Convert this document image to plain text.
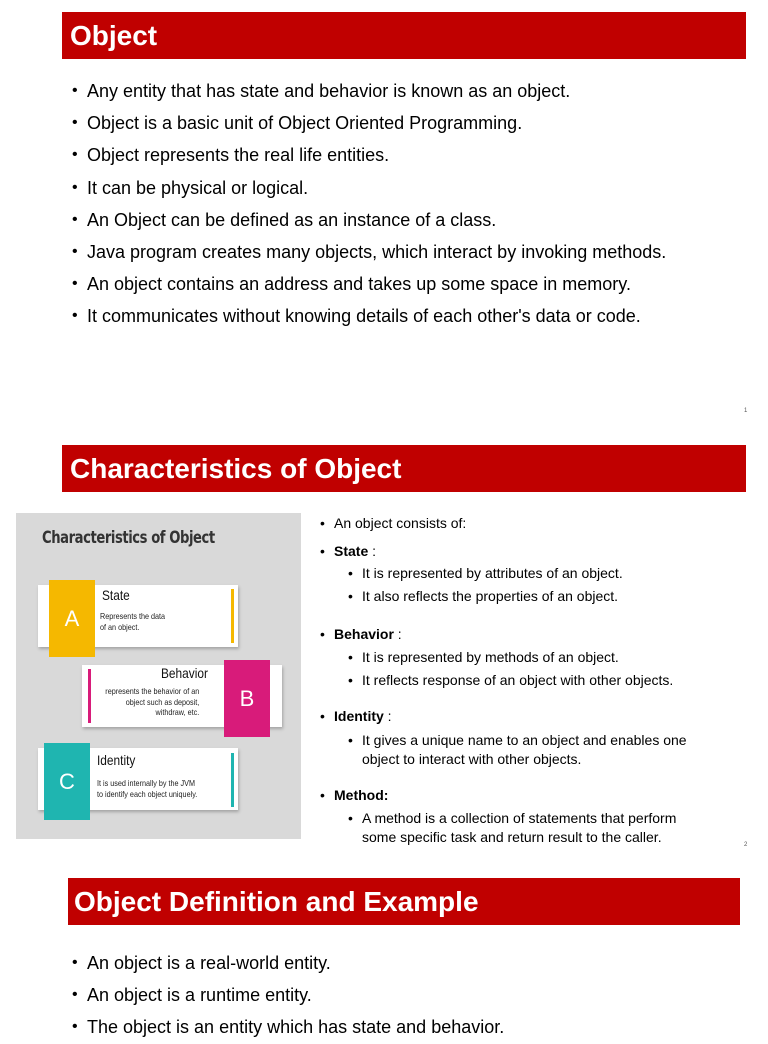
Object
• Any entity that has state and behavior is known as an object.
• Object is a basic unit of Object Oriented Programming.
• Object represents the real life entities.
• It can be physical or logical.
• An Object can be defined as an instance of a class.
• Java program creates many objects, which interact by invoking methods.
• An object contains an address and takes up some space in memory.
• It communicates without knowing details of each other's data or code.
1
Characteristics of Object
Characteristics of Object
A
State
Represents the data
of an object.
Behavior
represents the behavior of an
object such as deposit,
withdraw, etc.
B
C
Identity
It is used internally by the JVM
to identify each object uniquely.
• An object consists of:
• State :
• It is represented by attributes of an object.
• It also reflects the properties of an object.
• Behavior :
• It is represented by methods of an object.
• It reflects response of an object with other objects.
• Identity :
• It gives a unique name to an object and enables one
object to interact with other objects.
• Method:
• A method is a collection of statements that perform
some specific task and return result to the caller.	2
Object Definition and Example
• An object is a real-world entity.
• An object is a runtime entity.
• The object is an entity which has state and behavior.
